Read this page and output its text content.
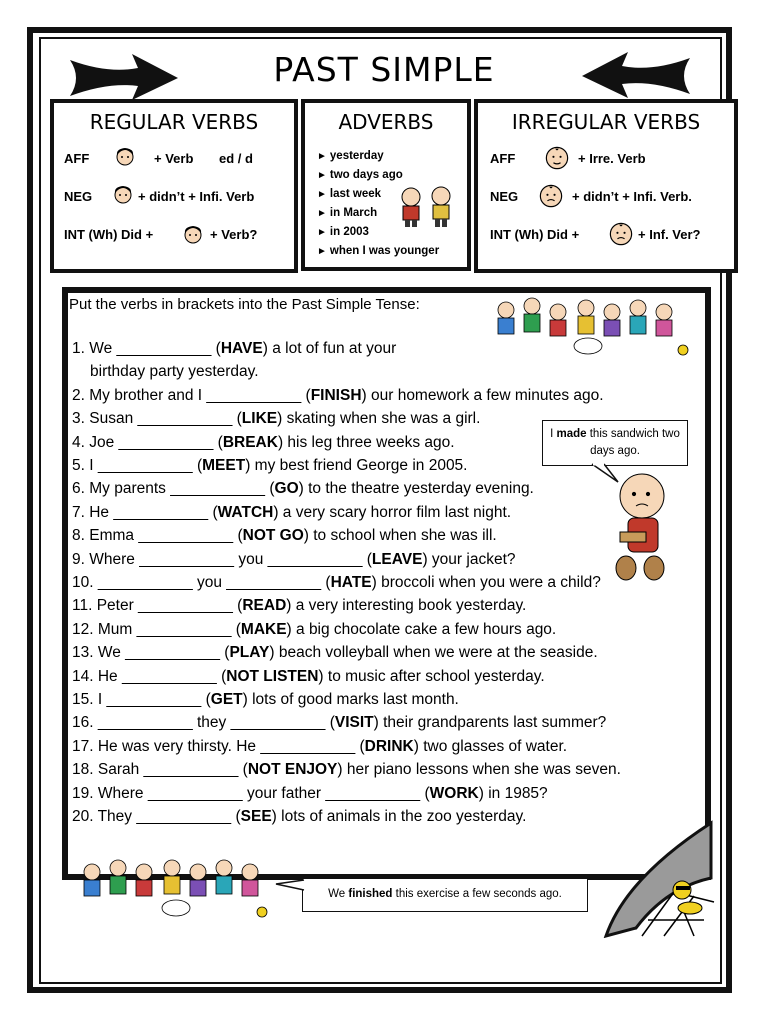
PAST SIMPLE
REGULAR VERBS
AFF	+ Verb ed / d
NEG	+ didn’t + Infi. Verb
INT (Wh) Did +	+ Verb?
ADVERBS
► yesterday
► two days ago
► last week
► in March
► in 2003
► when I was younger
IRREGULAR VERBS
AFF	+ Irre. Verb
NEG	+ didn’t + Infi. Verb.
INT (Wh) Did +	+ Inf. Ver?
Put the verbs in brackets into the Past Simple Tense:
I made this sandwich two days ago.
We finished this exercise a few seconds ago.
1. We ___________ (HAVE) a lot of fun at your
birthday party yesterday.
2. My brother and I ___________ (FINISH) our homework a few minutes ago.
3. Susan ___________ (LIKE) skating when she was a girl.
4. Joe ___________ (BREAK) his leg three weeks ago.
5. I ___________ (MEET) my best friend George in 2005.
6. My parents ___________ (GO) to the theatre yesterday evening.
7. He ___________ (WATCH) a very scary horror film last night.
8. Emma ___________ (NOT GO) to school when she was ill.
9. Where ___________ you ___________ (LEAVE) your jacket?
10. ___________ you ___________ (HATE) broccoli when you were a child?
11. Peter ___________ (READ) a very interesting book yesterday.
12. Mum ___________ (MAKE) a big chocolate cake a few hours ago.
13. We ___________ (PLAY) beach volleyball when we were at the seaside.
14. He ___________ (NOT LISTEN) to music after school yesterday.
15. I ___________ (GET) lots of good marks last month.
16. ___________ they ___________ (VISIT) their grandparents last summer?
17. He was very thirsty. He ___________ (DRINK) two glasses of water.
18. Sarah ___________ (NOT ENJOY) her piano lessons when she was seven.
19. Where ___________ your father ___________ (WORK) in 1985?
20. They ___________ (SEE) lots of animals in the zoo yesterday.
